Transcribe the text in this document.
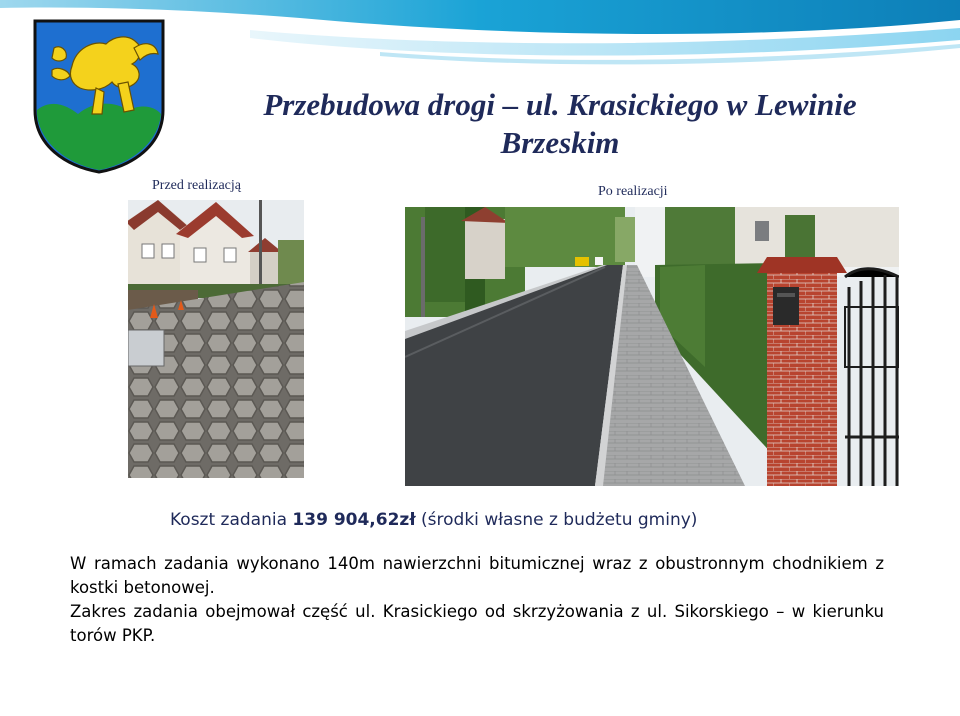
Przebudowa drogi – ul. Krasickiego w Lewinie
Brzeskim
Przed realizacją	Po realizacji
Koszt zadania 139 904,62zł (środki własne z budżetu gminy)

W ramach zadania wykonano 140m nawierzchni bitumicznej wraz z obustronnym chodnikiem z kostki betonowej.

Zakres zadania obejmował część ul. Krasickiego od skrzyżowania z ul. Sikorskiego – w kierunku torów PKP.
